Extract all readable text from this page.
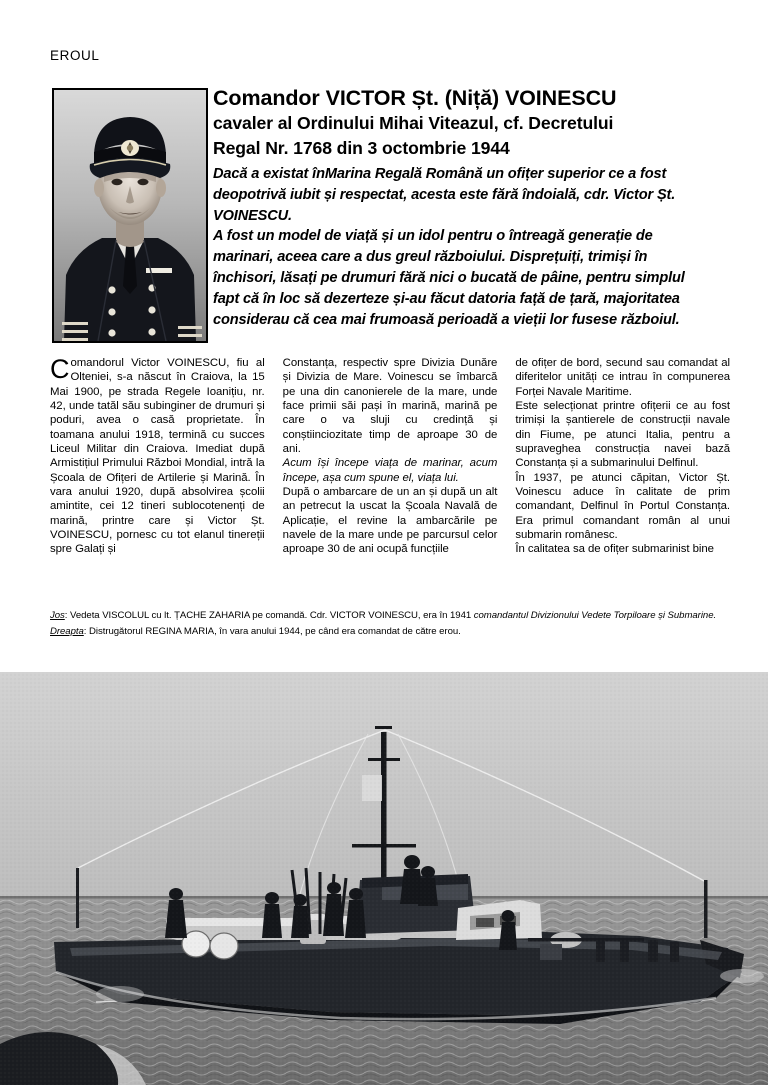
EROUL
Comandor VICTOR Șt. (Niță) VOINESCU
cavaler al Ordinului Mihai Viteazul, cf. Decretului
Regal Nr. 1768 din 3 octombrie 1944

Dacă a existat înMarina Regală Română un ofițer superior ce a fost deopotrivă iubit și respectat, acesta este fără îndoială, cdr. Victor Șt. VOINESCU.

A fost un model de viață și un idol pentru o întreagă generație de marinari, aceea care a dus greul războiului. Disprețuiți, trimiși în închisori, lăsați pe drumuri fără nici o bucată de pâine, pentru simplul fapt că în loc să dezerteze și-au făcut datoria față de țară, majoritatea considerau că cea mai frumoasă perioadă a vieții lor fusese războiul.

Comandorul Victor VOINESCU, fiu al Olteniei, s-a născut în Craiova, la 15 Mai 1900, pe strada Regele Ioanițiu, nr. 42, unde tatăl său subinginer de drumuri și poduri, avea o casă proprietate. În toamana anului 1918, termină cu succes Liceul Militar din Craiova. Imediat după Armistițiul Primului Război Mondial, intră la Școala de Ofițeri de Artilerie și Marină. În vara anului 1920, după absolvirea școlii amintite, cei 12 tineri sublocotenenți de marină, printre care și Victor Șt. VOINESCU, pornesc cu tot elanul tinereții spre Galați și

Constanța, respectiv spre Divizia Dunăre și Divizia de Mare. Voinescu se îmbarcă pe una din canonierele de la mare, unde face primii săi pași în marină, marină pe care o va sluji cu credință și conștiinciozitate timp de aproape 30 de ani.

Acum își începe viața de marinar, acum începe, așa cum spune el, viața lui.

După o ambarcare de un an și după un alt an petrecut la uscat la Școala Navală de Aplicație, el revine la ambarcările pe navele de la mare unde pe parcursul celor aproape 30 de ani ocupă funcțiile

de ofițer de bord, secund sau comandat al diferitelor unități ce intrau în compunerea Forței Navale Maritime.

Este selecționat printre ofițerii ce au fost trimiși la șantierele de construcții navale din Fiume, pe atunci Italia, pentru a supraveghea construcția navei bază Constanța și a submarinului Delfinul.

În 1937, pe atunci căpitan, Victor Șt. Voinescu aduce în calitate de prim comandant, Delfinul în Portul Constanța. Era primul comandant român al unui submarin românesc.

În calitatea sa de ofițer submarinist bine

Jos: Vedeta VISCOLUL cu lt. ȚACHE ZAHARIA pe comandă. Cdr. VICTOR VOINESCU, era în 1941 comandantul Divizionului Vedete Torpiloare și Submarine.

Dreapta: Distrugătorul REGINA MARIA, în vara anului 1944, pe când era comandat de către erou.
